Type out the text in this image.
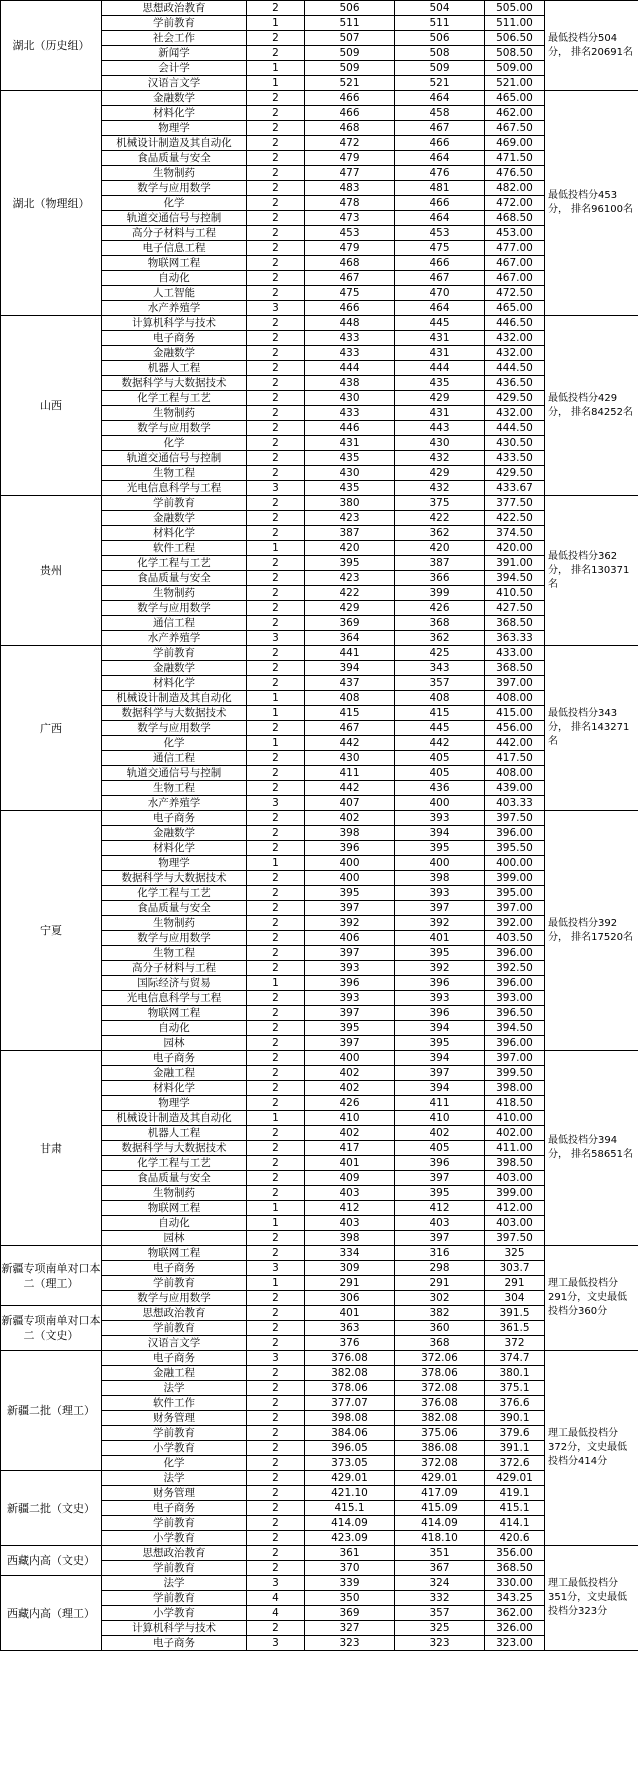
湖北（历史组）	思想政治教育	2	506	504	505.00	最低投档分504分， 排名20691名
	学前教育	1	511	511	511.00	
	社会工作	2	507	506	506.50	
	新闻学	2	509	508	508.50	
	会计学	1	509	509	509.00	
	汉语言文学	1	521	521	521.00	
湖北（物理组）	金融数学	2	466	464	465.00	最低投档分453分， 排名96100名
	材料化学	2	466	458	462.00	
	物理学	2	468	467	467.50	
	机械设计制造及其自动化	2	472	466	469.00	
	食品质量与安全	2	479	464	471.50	
	生物制药	2	477	476	476.50	
	数学与应用数学	2	483	481	482.00	
	化学	2	478	466	472.00	
	轨道交通信号与控制	2	473	464	468.50	
	高分子材料与工程	2	453	453	453.00	
	电子信息工程	2	479	475	477.00	
	物联网工程	2	468	466	467.00	
	自动化	2	467	467	467.00	
	人工智能	2	475	470	472.50	
	水产养殖学	3	466	464	465.00	
山西	计算机科学与技术	2	448	445	446.50	最低投档分429分， 排名84252名
	电子商务	2	433	431	432.00	
	金融数学	2	433	431	432.00	
	机器人工程	2	444	444	444.50	
	数据科学与大数据技术	2	438	435	436.50	
	化学工程与工艺	2	430	429	429.50	
	生物制药	2	433	431	432.00	
	数学与应用数学	2	446	443	444.50	
	化学	2	431	430	430.50	
	轨道交通信号与控制	2	435	432	433.50	
	生物工程	2	430	429	429.50	
	光电信息科学与工程	3	435	432	433.67	
贵州	学前教育	2	380	375	377.50	最低投档分362分， 排名130371名
	金融数学	2	423	422	422.50	
	材料化学	2	387	362	374.50	
	软件工程	1	420	420	420.00	
	化学工程与工艺	2	395	387	391.00	
	食品质量与安全	2	423	366	394.50	
	生物制药	2	422	399	410.50	
	数学与应用数学	2	429	426	427.50	
	通信工程	2	369	368	368.50	
	水产养殖学	3	364	362	363.33	
广西	学前教育	2	441	425	433.00	最低投档分343分， 排名143271名
	金融数学	2	394	343	368.50	
	材料化学	2	437	357	397.00	
	机械设计制造及其自动化	1	408	408	408.00	
	数据科学与大数据技术	1	415	415	415.00	
	数学与应用数学	2	467	445	456.00	
	化学	1	442	442	442.00	
	通信工程	2	430	405	417.50	
	轨道交通信号与控制	2	411	405	408.00	
	生物工程	2	442	436	439.00	
	水产养殖学	3	407	400	403.33	
宁夏	电子商务	2	402	393	397.50	最低投档分392分， 排名17520名
	金融数学	2	398	394	396.00	
	材料化学	2	396	395	395.50	
	物理学	1	400	400	400.00	
	数据科学与大数据技术	2	400	398	399.00	
	化学工程与工艺	2	395	393	395.00	
	食品质量与安全	2	397	397	397.00	
	生物制药	2	392	392	392.00	
	数学与应用数学	2	406	401	403.50	
	生物工程	2	397	395	396.00	
	高分子材料与工程	2	393	392	392.50	
	国际经济与贸易	1	396	396	396.00	
	光电信息科学与工程	2	393	393	393.00	
	物联网工程	2	397	396	396.50	
	自动化	2	395	394	394.50	
	园林	2	397	395	396.00	
甘肃	电子商务	2	400	394	397.00	最低投档分394分， 排名58651名
	金融工程	2	402	397	399.50	
	材料化学	2	402	394	398.00	
	物理学	2	426	411	418.50	
	机械设计制造及其自动化	1	410	410	410.00	
	机器人工程	2	402	402	402.00	
	数据科学与大数据技术	2	417	405	411.00	
	化学工程与工艺	2	401	396	398.50	
	食品质量与安全	2	409	397	403.00	
	生物制药	2	403	395	399.00	
	物联网工程	1	412	412	412.00	
	自动化	1	403	403	403.00	
	园林	2	398	397	397.50	
新疆专项南单对口本二（理工）	物联网工程	2	334	316	325	理工最低投档分291分，文史最低投档分360分
	电子商务	3	309	298	303.7	
	学前教育	1	291	291	291	
	数学与应用数学	2	306	302	304	
新疆专项南单对口本二（文史）	思想政治教育	2	401	382	391.5	
	学前教育	2	363	360	361.5	
	汉语言文学	2	376	368	372	
新疆二批（理工）	电子商务	3	376.08	372.06	374.7	理工最低投档分372分，文史最低投档分414分
	金融工程	2	382.08	378.06	380.1	
	法学	2	378.06	372.08	375.1	
	软件工作	2	377.07	376.08	376.6	
	财务管理	2	398.08	382.08	390.1	
	学前教育	2	384.06	375.06	379.6	
	小学教育	2	396.05	386.08	391.1	
	化学	2	373.05	372.08	372.6	
新疆二批（文史）	法学	2	429.01	429.01	429.01	
	财务管理	2	421.10	417.09	419.1	
	电子商务	2	415.1	415.09	415.1	
	学前教育	2	414.09	414.09	414.1	
	小学教育	2	423.09	418.10	420.6	
西藏内高（文史）	思想政治教育	2	361	351	356.00	理工最低投档分351分，文史最低投档分323分
	学前教育	2	370	367	368.50	
西藏内高（理工）	法学	3	339	324	330.00	
	学前教育	4	350	332	343.25	
	小学教育	4	369	357	362.00	
	计算机科学与技术	2	327	325	326.00	
	电子商务	3	323	323	323.00	
